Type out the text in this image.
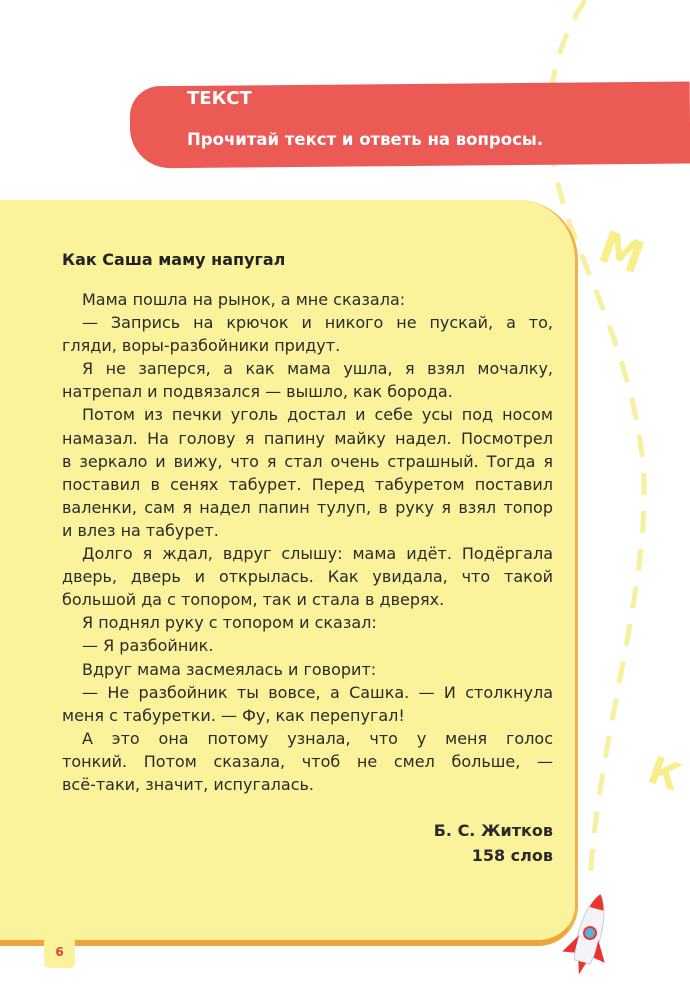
М
К
ТЕКСТ
Прочитай текст и ответь на вопросы.
Как Саша маму напугал
Мама пошла на рынок, а мне сказала:
— Запрись на крючок и никого не пускай, а то,
гляди, воры-разбойники придут.
Я не заперся, а как мама ушла, я взял мочалку,
натрепал и подвязался — вышло, как борода.
Потом из печки уголь достал и себе усы под носом
намазал. На голову я папину майку надел. Посмотрел
в зеркало и вижу, что я стал очень страшный. Тогда я
поставил в сенях табурет. Перед табуретом поставил
валенки, сам я надел папин тулуп, в руку я взял топор
и влез на табурет.
Долго я ждал, вдруг слышу: мама идёт. Подёргала
дверь, дверь и открылась. Как увидала, что такой
большой да с топором, так и стала в дверях.
Я поднял руку с топором и сказал:
— Я разбойник.
Вдруг мама засмеялась и говорит:
— Не разбойник ты вовсе, а Сашка. — И столкнула
меня с табуретки. — Фу, как перепугал!
А это она потому узнала, что у меня голос
тонкий. Потом сказала, чтоб не смел больше, —
всё-таки, значит, испугалась.
Б. С. Житков
158 слов
6
